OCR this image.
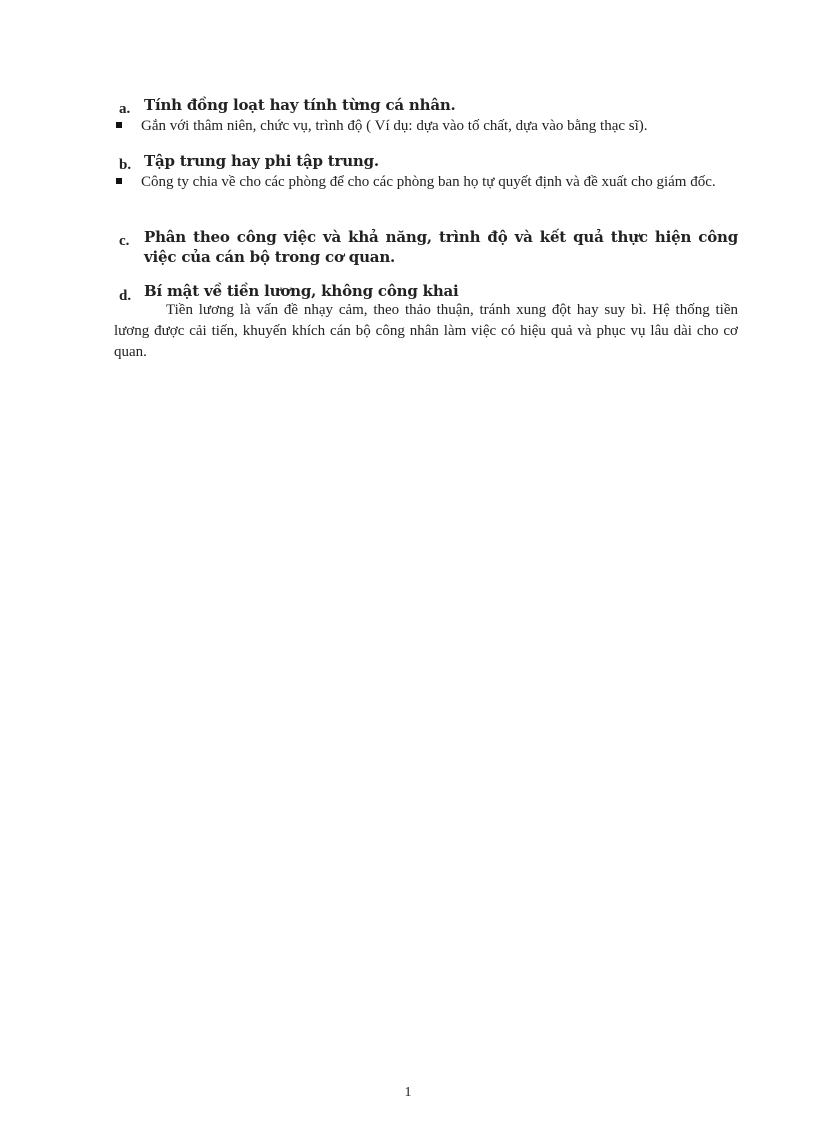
a. Tính đồng loạt hay tính từng cá nhân.
Gắn với thâm niên, chức vụ, trình độ ( Ví dụ: dựa vào tố chất, dựa vào bằng thạc sĩ).
b. Tập trung hay phi tập trung.
Công ty chia về cho các phòng để cho các phòng ban họ tự quyết định và đề xuất cho giám đốc.
c. Phân theo công việc và khả năng, trình độ và kết quả thực hiện công việc của cán bộ trong cơ quan.
d. Bí mật về tiền lương, không công khai
Tiền lương là vấn đề nhạy cảm, theo thảo thuận, tránh xung đột hay suy bì. Hệ thống tiền lương được cải tiến, khuyến khích cán bộ công nhân làm việc có hiệu quả và phục vụ lâu dài cho cơ quan.
1
